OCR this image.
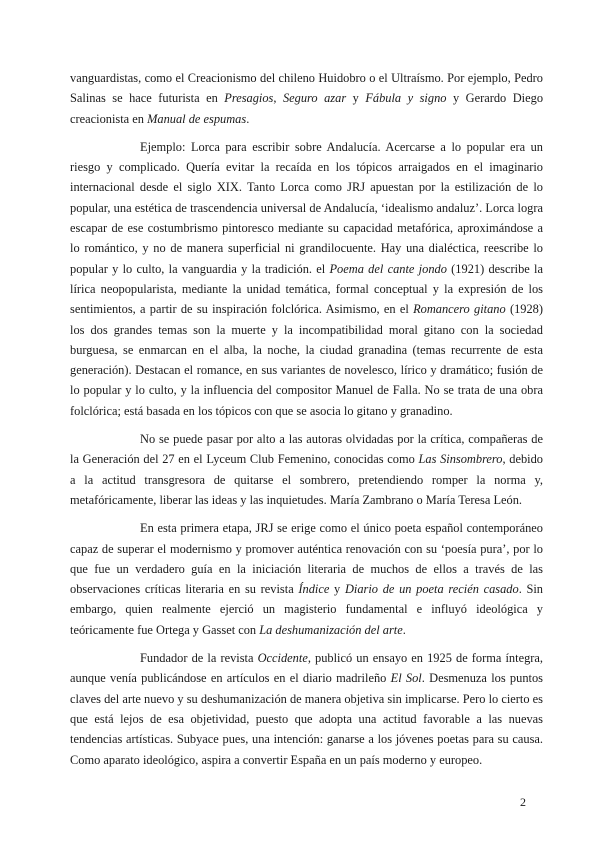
vanguardistas, como el Creacionismo del chileno Huidobro o el Ultraísmo. Por ejemplo, Pedro Salinas se hace futurista en Presagios, Seguro azar y Fábula y signo y Gerardo Diego creacionista en Manual de espumas.

Ejemplo: Lorca para escribir sobre Andalucía. Acercarse a lo popular era un riesgo y complicado. Quería evitar la recaída en los tópicos arraigados en el imaginario internacional desde el siglo XIX. Tanto Lorca como JRJ apuestan por la estilización de lo popular, una estética de trascendencia universal de Andalucía, ‘idealismo andaluz’. Lorca logra escapar de ese costumbrismo pintoresco mediante su capacidad metafórica, aproximándose a lo romántico, y no de manera superficial ni grandilocuente. Hay una dialéctica, reescribe lo popular y lo culto, la vanguardia y la tradición. el Poema del cante jondo (1921) describe la lírica neopopularista, mediante la unidad temática, formal conceptual y la expresión de los sentimientos, a partir de su inspiración folclórica. Asimismo, en el Romancero gitano (1928) los dos grandes temas son la muerte y la incompatibilidad moral gitano con la sociedad burguesa, se enmarcan en el alba, la noche, la ciudad granadina (temas recurrente de esta generación). Destacan el romance, en sus variantes de novelesco, lírico y dramático; fusión de lo popular y lo culto, y la influencia del compositor Manuel de Falla. No se trata de una obra folclórica; está basada en los tópicos con que se asocia lo gitano y granadino.

No se puede pasar por alto a las autoras olvidadas por la crítica, compañeras de la Generación del 27 en el Lyceum Club Femenino, conocidas como Las Sinsombrero, debido a la actitud transgresora de quitarse el sombrero, pretendiendo romper la norma y, metafóricamente, liberar las ideas y las inquietudes. María Zambrano o María Teresa León.

En esta primera etapa, JRJ se erige como el único poeta español contemporáneo capaz de superar el modernismo y promover auténtica renovación con su ‘poesía pura’, por lo que fue un verdadero guía en la iniciación literaria de muchos de ellos a través de las observaciones críticas literaria en su revista Índice y Diario de un poeta recién casado. Sin embargo, quien realmente ejerció un magisterio fundamental e influyó ideológica y teóricamente fue Ortega y Gasset con La deshumanización del arte.

Fundador de la revista Occidente, publicó un ensayo en 1925 de forma íntegra, aunque venía publicándose en artículos en el diario madrileño El Sol. Desmenuza los puntos claves del arte nuevo y su deshumanización de manera objetiva sin implicarse. Pero lo cierto es que está lejos de esa objetividad, puesto que adopta una actitud favorable a las nuevas tendencias artísticas. Subyace pues, una intención: ganarse a los jóvenes poetas para su causa. Como aparato ideológico, aspira a convertir España en un país moderno y europeo.

2
